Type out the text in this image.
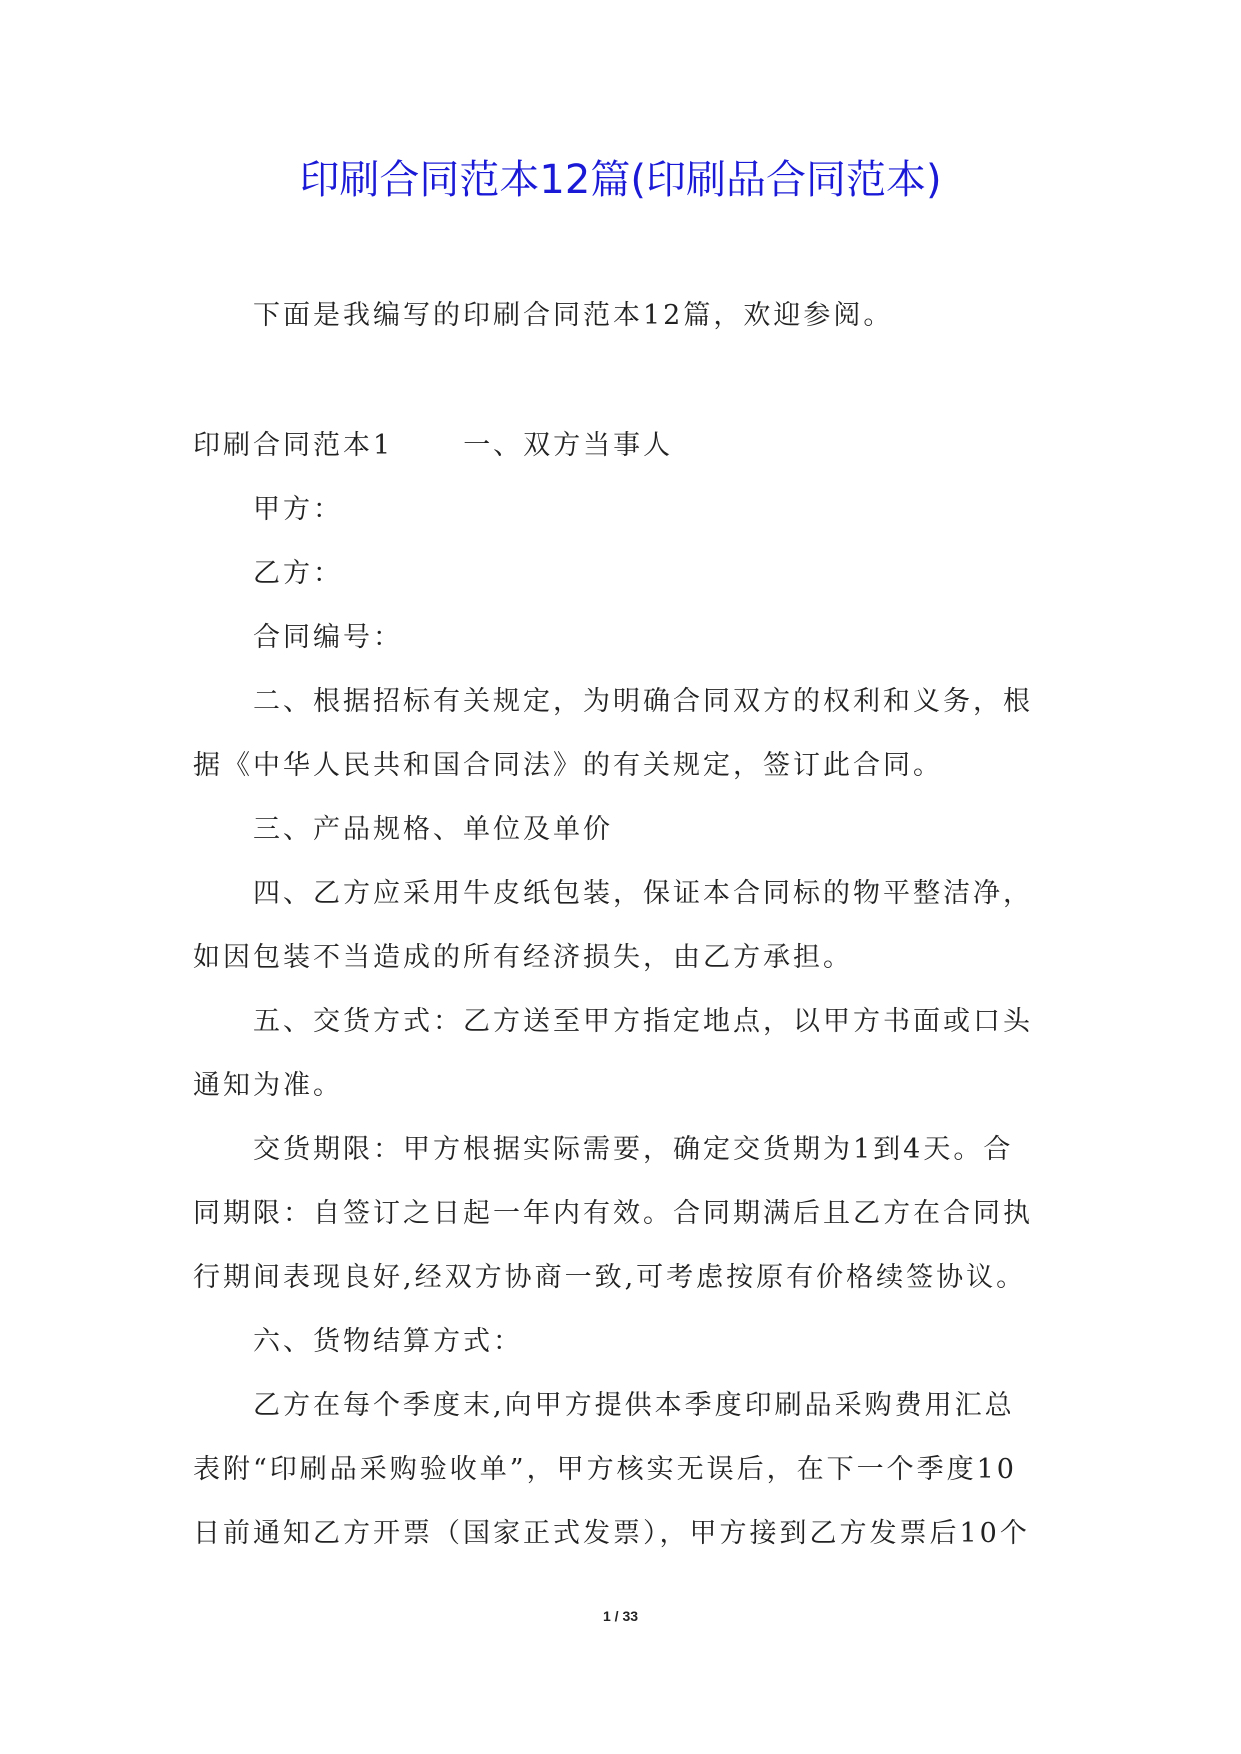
印刷合同范本12篇(印刷品合同范本)

下面是我编写的印刷合同范本12篇，欢迎参阅。

印刷合同范本1	一、双方当事人

甲方：

乙方：

合同编号：

二、根据招标有关规定，为明确合同双方的权利和义务，根

据《中华人民共和国合同法》的有关规定，签订此合同。

三、产品规格、单位及单价

四、乙方应采用牛皮纸包装，保证本合同标的物平整洁净，

如因包装不当造成的所有经济损失，由乙方承担。

五、交货方式：乙方送至甲方指定地点，以甲方书面或口头

通知为准。

交货期限：甲方根据实际需要，确定交货期为1到4天。合

同期限：自签订之日起一年内有效。合同期满后且乙方在合同执

行期间表现良好,经双方协商一致,可考虑按原有价格续签协议。

六、货物结算方式：

乙方在每个季度末,向甲方提供本季度印刷品采购费用汇总

表附“印刷品采购验收单”，甲方核实无误后，在下一个季度10

日前通知乙方开票（国家正式发票），甲方接到乙方发票后10个

1 / 33
